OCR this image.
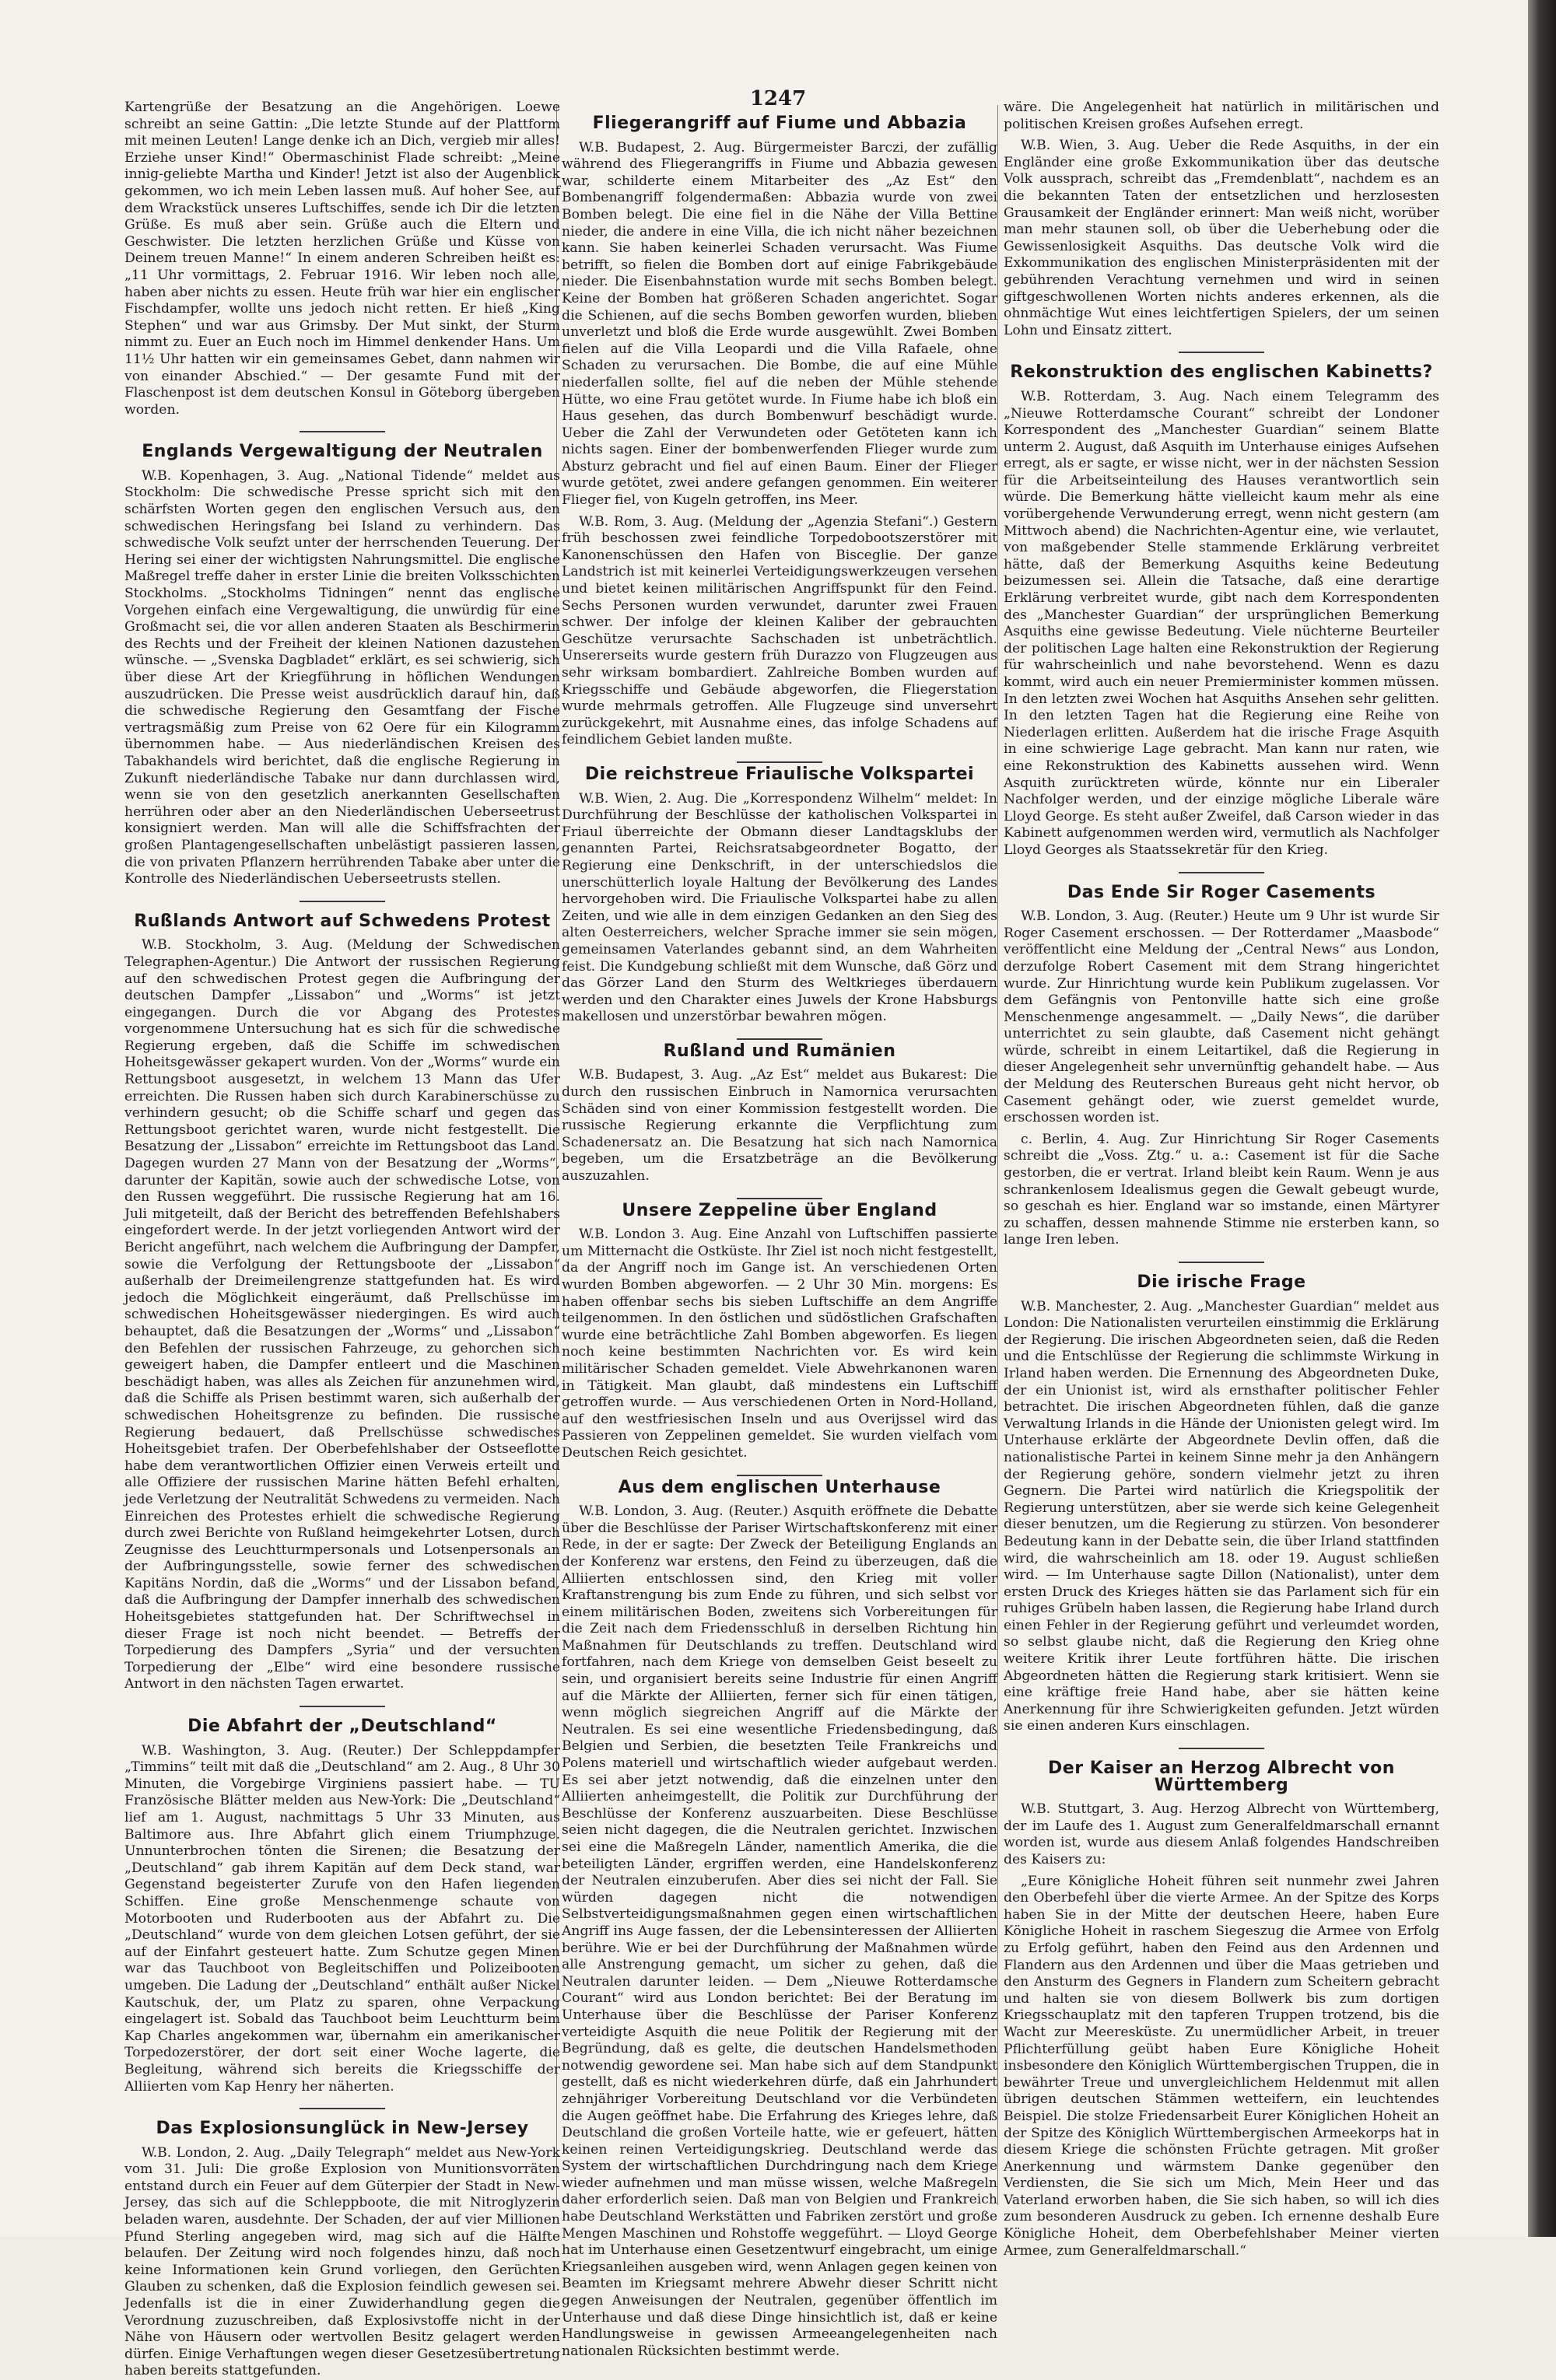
1247

Kartengrüße der Besatzung an die Angehörigen. Loewe schreibt an seine Gattin: „Die letzte Stunde auf der Plattform mit meinen Leuten! Lange denke ich an Dich, vergieb mir alles! Erziehe unser Kind!“ Obermaschinist Flade schreibt: „Meine innig-geliebte Martha und Kinder! Jetzt ist also der Augenblick gekommen, wo ich mein Leben lassen muß. Auf hoher See, auf dem Wrackstück unseres Luftschiffes, sende ich Dir die letzten Grüße. Es muß aber sein. Grüße auch die Eltern und Geschwister. Die letzten herzlichen Grüße und Küsse von Deinem treuen Manne!“ In einem anderen Schreiben heißt es: „11 Uhr vormittags, 2. Februar 1916. Wir leben noch alle, haben aber nichts zu essen. Heute früh war hier ein englischer Fischdampfer, wollte uns jedoch nicht retten. Er hieß „King Stephen“ und war aus Grimsby. Der Mut sinkt, der Sturm nimmt zu. Euer an Euch noch im Himmel denkender Hans. Um 11½ Uhr hatten wir ein gemeinsames Gebet, dann nahmen wir von einander Abschied.“ — Der gesamte Fund mit der Flaschenpost ist dem deutschen Konsul in Göteborg übergeben worden.

Englands Vergewaltigung der Neutralen

W.B. Kopenhagen, 3. Aug. „National Tidende“ meldet aus Stockholm: Die schwedische Presse spricht sich mit den schärfsten Worten gegen den englischen Versuch aus, den schwedischen Heringsfang bei Island zu verhindern. Das schwedische Volk seufzt unter der herrschenden Teuerung. Der Hering sei einer der wichtigsten Nahrungsmittel. Die englische Maßregel treffe daher in erster Linie die breiten Volksschichten Stockholms. „Stockholms Tidningen“ nennt das englische Vorgehen einfach eine Vergewaltigung, die unwürdig für eine Großmacht sei, die vor allen anderen Staaten als Beschirmerin des Rechts und der Freiheit der kleinen Nationen dazustehen wünsche. — „Svenska Dagbladet“ erklärt, es sei schwierig, sich über diese Art der Kriegführung in höflichen Wendungen auszudrücken. Die Presse weist ausdrücklich darauf hin, daß die schwedische Regierung den Gesamtfang der Fische vertragsmäßig zum Preise von 62 Oere für ein Kilogramm übernommen habe. — Aus niederländischen Kreisen des Tabakhandels wird berichtet, daß die englische Regierung in Zukunft niederländische Tabake nur dann durchlassen wird, wenn sie von den gesetzlich anerkannten Gesellschaften herrühren oder aber an den Niederländischen Ueberseetrust konsigniert werden. Man will alle die Schiffsfrachten der großen Plantagengesellschaften unbelästigt passieren lassen, die von privaten Pflanzern herrührenden Tabake aber unter die Kontrolle des Niederländischen Ueberseetrusts stellen.

Rußlands Antwort auf Schwedens Protest

W.B. Stockholm, 3. Aug. (Meldung der Schwedischen Telegraphen-Agentur.) Die Antwort der russischen Regierung auf den schwedischen Protest gegen die Aufbringung der deutschen Dampfer „Lissabon“ und „Worms“ ist jetzt eingegangen. Durch die vor Abgang des Protestes vorgenommene Untersuchung hat es sich für die schwedische Regierung ergeben, daß die Schiffe im schwedischen Hoheitsgewässer gekapert wurden. Von der „Worms“ wurde ein Rettungsboot ausgesetzt, in welchem 13 Mann das Ufer erreichten. Die Russen haben sich durch Karabinerschüsse zu verhindern gesucht; ob die Schiffe scharf und gegen das Rettungsboot gerichtet waren, wurde nicht festgestellt. Die Besatzung der „Lissabon“ erreichte im Rettungsboot das Land. Dagegen wurden 27 Mann von der Besatzung der „Worms“, darunter der Kapitän, sowie auch der schwedische Lotse, von den Russen weggeführt. Die russische Regierung hat am 16. Juli mitgeteilt, daß der Bericht des betreffenden Befehlshabers eingefordert werde. In der jetzt vorliegenden Antwort wird der Bericht angeführt, nach welchem die Aufbringung der Dampfer, sowie die Verfolgung der Rettungsboote der „Lissabon“ außerhalb der Dreimeilengrenze stattgefunden hat. Es wird jedoch die Möglichkeit eingeräumt, daß Prellschüsse im schwedischen Hoheitsgewässer niedergingen. Es wird auch behauptet, daß die Besatzungen der „Worms“ und „Lissabon“ den Befehlen der russischen Fahrzeuge, zu gehorchen sich geweigert haben, die Dampfer entleert und die Maschinen beschädigt haben, was alles als Zeichen für anzunehmen wird, daß die Schiffe als Prisen bestimmt waren, sich außerhalb der schwedischen Hoheitsgrenze zu befinden. Die russische Regierung bedauert, daß Prellschüsse schwedisches Hoheitsgebiet trafen. Der Oberbefehlshaber der Ostseeflotte habe dem verantwortlichen Offizier einen Verweis erteilt und alle Offiziere der russischen Marine hätten Befehl erhalten, jede Verletzung der Neutralität Schwedens zu vermeiden. Nach Einreichen des Protestes erhielt die schwedische Regierung durch zwei Berichte von Rußland heimgekehrter Lotsen, durch Zeugnisse des Leuchtturmpersonals und Lotsenpersonals an der Aufbringungsstelle, sowie ferner des schwedischen Kapitäns Nordin, daß die „Worms“ und der Lissabon befand, daß die Aufbringung der Dampfer innerhalb des schwedischen Hoheitsgebietes stattgefunden hat. Der Schriftwechsel in dieser Frage ist noch nicht beendet. — Betreffs der Torpedierung des Dampfers „Syria“ und der versuchten Torpedierung der „Elbe“ wird eine besondere russische Antwort in den nächsten Tagen erwartet.

Die Abfahrt der „Deutschland“

W.B. Washington, 3. Aug. (Reuter.) Der Schleppdampfer „Timmins“ teilt mit daß die „Deutschland“ am 2. Aug., 8 Uhr 30 Minuten, die Vorgebirge Virginiens passiert habe. — TU Französische Blätter melden aus New-York: Die „Deutschland“ lief am 1. August, nachmittags 5 Uhr 33 Minuten, aus Baltimore aus. Ihre Abfahrt glich einem Triumphzuge. Unnunterbrochen tönten die Sirenen; die Besatzung der „Deutschland“ gab ihrem Kapitän auf dem Deck stand, war Gegenstand begeisterter Zurufe von den Hafen liegenden Schiffen. Eine große Menschenmenge schaute von Motorbooten und Ruderbooten aus der Abfahrt zu. Die „Deutschland“ wurde von dem gleichen Lotsen geführt, der sie auf der Einfahrt gesteuert hatte. Zum Schutze gegen Minen war das Tauchboot von Begleitschiffen und Polizeibooten umgeben. Die Ladung der „Deutschland“ enthält außer Nickel Kautschuk, der, um Platz zu sparen, ohne Verpackung eingelagert ist. Sobald das Tauchboot beim Leuchtturm beim Kap Charles angekommen war, übernahm ein amerikanischer Torpedozerstörer, der dort seit einer Woche lagerte, die Begleitung, während sich bereits die Kriegsschiffe der Alliierten vom Kap Henry her näherten.

Das Explosionsunglück in New-Jersey

W.B. London, 2. Aug. „Daily Telegraph“ meldet aus New-York vom 31. Juli: Die große Explosion von Munitionsvorräten entstand durch ein Feuer auf dem Güterpier der Stadt in New-Jersey, das sich auf die Schleppboote, die mit Nitroglyzerin beladen waren, ausdehnte. Der Schaden, der auf vier Millionen Pfund Sterling angegeben wird, mag sich auf die Hälfte belaufen. Der Zeitung wird noch folgendes hinzu, daß noch keine Informationen kein Grund vorliegen, den Gerüchten Glauben zu schenken, daß die Explosion feindlich gewesen sei. Jedenfalls ist die in einer Zuwiderhandlung gegen die Verordnung zuzuschreiben, daß Explosivstoffe nicht in der Nähe von Häusern oder wertvollen Besitz gelagert werden dürfen. Einige Verhaftungen wegen dieser Gesetzesübertretung haben bereits stattgefunden.

Fliegerangriff auf Fiume und Abbazia

W.B. Budapest, 2. Aug. Bürgermeister Barczi, der zufällig während des Fliegerangriffs in Fiume und Abbazia gewesen war, schilderte einem Mitarbeiter des „Az Est“ den Bombenangriff folgendermaßen: Abbazia wurde von zwei Bomben belegt. Die eine fiel in die Nähe der Villa Bettine nieder, die andere in eine Villa, die ich nicht näher bezeichnen kann. Sie haben keinerlei Schaden verursacht. Was Fiume betrifft, so fielen die Bomben dort auf einige Fabrikgebäude nieder. Die Eisenbahnstation wurde mit sechs Bomben belegt. Keine der Bomben hat größeren Schaden angerichtet. Sogar die Schienen, auf die sechs Bomben geworfen wurden, blieben unverletzt und bloß die Erde wurde ausgewühlt. Zwei Bomben fielen auf die Villa Leopardi und die Villa Rafaele, ohne Schaden zu verursachen. Die Bombe, die auf eine Mühle niederfallen sollte, fiel auf die neben der Mühle stehende Hütte, wo eine Frau getötet wurde. In Fiume habe ich bloß ein Haus gesehen, das durch Bombenwurf beschädigt wurde. Ueber die Zahl der Verwundeten oder Getöteten kann ich nichts sagen. Einer der bombenwerfenden Flieger wurde zum Absturz gebracht und fiel auf einen Baum. Einer der Flieger wurde getötet, zwei andere gefangen genommen. Ein weiterer Flieger fiel, von Kugeln getroffen, ins Meer.

W.B. Rom, 3. Aug. (Meldung der „Agenzia Stefani“.) Gestern früh beschossen zwei feindliche Torpedobootszerstörer mit Kanonenschüssen den Hafen von Bisceglie. Der ganze Landstrich ist mit keinerlei Verteidigungswerkzeugen versehen und bietet keinen militärischen Angriffspunkt für den Feind. Sechs Personen wurden verwundet, darunter zwei Frauen schwer. Der infolge der kleinen Kaliber der gebrauchten Geschütze verursachte Sachschaden ist unbeträchtlich. Unsererseits wurde gestern früh Durazzo von Flugzeugen aus sehr wirksam bombardiert. Zahlreiche Bomben wurden auf Kriegsschiffe und Gebäude abgeworfen, die Fliegerstation wurde mehrmals getroffen. Alle Flugzeuge sind unversehrt zurückgekehrt, mit Ausnahme eines, das infolge Schadens auf feindlichem Gebiet landen mußte.

Die reichstreue Friaulische Volkspartei

W.B. Wien, 2. Aug. Die „Korrespondenz Wilhelm“ meldet: In Durchführung der Beschlüsse der katholischen Volkspartei in Friaul überreichte der Obmann dieser Landtagsklubs der genannten Partei, Reichsratsabgeordneter Bogatto, der Regierung eine Denkschrift, in der unterschiedslos die unerschütterlich loyale Haltung der Bevölkerung des Landes hervorgehoben wird. Die Friaulische Volkspartei habe zu allen Zeiten, und wie alle in dem einzigen Gedanken an den Sieg des alten Oesterreichers, welcher Sprache immer sie sein mögen, gemeinsamen Vaterlandes gebannt sind, an dem Wahrheiten feist. Die Kundgebung schließt mit dem Wunsche, daß Görz und das Görzer Land den Sturm des Weltkrieges überdauern werden und den Charakter eines Juwels der Krone Habsburgs makellosen und unzerstörbar bewahren mögen.

Rußland und Rumänien

W.B. Budapest, 3. Aug. „Az Est“ meldet aus Bukarest: Die durch den russischen Einbruch in Namornica verursachten Schäden sind von einer Kommission festgestellt worden. Die russische Regierung erkannte die Verpflichtung zum Schadenersatz an. Die Besatzung hat sich nach Namornica begeben, um die Ersatzbeträge an die Bevölkerung auszuzahlen.

Unsere Zeppeline über England

W.B. London 3. Aug. Eine Anzahl von Luftschiffen passierte um Mitternacht die Ostküste. Ihr Ziel ist noch nicht festgestellt, da der Angriff noch im Gange ist. An verschiedenen Orten wurden Bomben abgeworfen. — 2 Uhr 30 Min. morgens: Es haben offenbar sechs bis sieben Luftschiffe an dem Angriffe teilgenommen. In den östlichen und südöstlichen Grafschaften wurde eine beträchtliche Zahl Bomben abgeworfen. Es liegen noch keine bestimmten Nachrichten vor. Es wird kein militärischer Schaden gemeldet. Viele Abwehrkanonen waren in Tätigkeit. Man glaubt, daß mindestens ein Luftschiff getroffen wurde. — Aus verschiedenen Orten in Nord-Holland, auf den westfriesischen Inseln und aus Overijssel wird das Passieren von Zeppelinen gemeldet. Sie wurden vielfach vom Deutschen Reich gesichtet.

Aus dem englischen Unterhause

W.B. London, 3. Aug. (Reuter.) Asquith eröffnete die Debatte über die Beschlüsse der Pariser Wirtschaftskonferenz mit einer Rede, in der er sagte: Der Zweck der Beteiligung Englands an der Konferenz war erstens, den Feind zu überzeugen, daß die Alliierten entschlossen sind, den Krieg mit voller Kraftanstrengung bis zum Ende zu führen, und sich selbst vor einem militärischen Boden, zweitens sich Vorbereitungen für die Zeit nach dem Friedensschluß in derselben Richtung hin Maßnahmen für Deutschlands zu treffen. Deutschland wird fortfahren, nach dem Kriege von demselben Geist beseelt zu sein, und organisiert bereits seine Industrie für einen Angriff auf die Märkte der Alliierten, ferner sich für einen tätigen, wenn möglich siegreichen Angriff auf die Märkte der Neutralen. Es sei eine wesentliche Friedensbedingung, daß Belgien und Serbien, die besetzten Teile Frankreichs und Polens materiell und wirtschaftlich wieder aufgebaut werden. Es sei aber jetzt notwendig, daß die einzelnen unter den Alliierten anheimgestellt, die Politik zur Durchführung der Beschlüsse der Konferenz auszuarbeiten. Diese Beschlüsse seien nicht dagegen, die die Neutralen gerichtet. Inzwischen sei eine die Maßregeln Länder, namentlich Amerika, die die beteiligten Länder, ergriffen werden, eine Handelskonferenz der Neutralen einzuberufen. Aber dies sei nicht der Fall. Sie würden dagegen nicht die notwendigen Selbstverteidigungsmaßnahmen gegen einen wirtschaftlichen Angriff ins Auge fassen, der die Lebensinteressen der Alliierten berühre. Wie er bei der Durchführung der Maßnahmen würde alle Anstrengung gemacht, um sicher zu gehen, daß die Neutralen darunter leiden. — Dem „Nieuwe Rotterdamsche Courant“ wird aus London berichtet: Bei der Beratung im Unterhause über die Beschlüsse der Pariser Konferenz verteidigte Asquith die neue Politik der Regierung mit der Begründung, daß es gelte, die deutschen Handelsmethoden notwendig gewordene sei. Man habe sich auf dem Standpunkt gestellt, daß es nicht wiederkehren dürfe, daß ein Jahrhundert zehnjähriger Vorbereitung Deutschland vor die Verbündeten die Augen geöffnet habe. Die Erfahrung des Krieges lehre, daß Deutschland die großen Vorteile hatte, wie er gefeuert, hätten keinen reinen Verteidigungskrieg. Deutschland werde das System der wirtschaftlichen Durchdringung nach dem Kriege wieder aufnehmen und man müsse wissen, welche Maßregeln daher erforderlich seien. Daß man von Belgien und Frankreich habe Deutschland Werkstätten und Fabriken zerstört und große Mengen Maschinen und Rohstoffe weggeführt. — Lloyd George hat im Unterhause einen Gesetzentwurf eingebracht, um einige Kriegsanleihen ausgeben wird, wenn Anlagen gegen keinen von Beamten im Kriegsamt mehrere Abwehr dieser Schritt nicht gegen Anweisungen der Neutralen, gegenüber öffentlich im Unterhause und daß diese Dinge hinsichtlich ist, daß er keine Handlungsweise in gewissen Armeeangelegenheiten nach nationalen Rücksichten bestimmt werde.

wäre. Die Angelegenheit hat natürlich in militärischen und politischen Kreisen großes Aufsehen erregt.

W.B. Wien, 3. Aug. Ueber die Rede Asquiths, in der ein Engländer eine große Exkommunikation über das deutsche Volk aussprach, schreibt das „Fremdenblatt“, nachdem es an die bekannten Taten der entsetzlichen und herzlosesten Grausamkeit der Engländer erinnert: Man weiß nicht, worüber man mehr staunen soll, ob über die Ueberhebung oder die Gewissenlosigkeit Asquiths. Das deutsche Volk wird die Exkommunikation des englischen Ministerpräsidenten mit der gebührenden Verachtung vernehmen und wird in seinen giftgeschwollenen Worten nichts anderes erkennen, als die ohnmächtige Wut eines leichtfertigen Spielers, der um seinen Lohn und Einsatz zittert.

Rekonstruktion des englischen Kabinetts?

W.B. Rotterdam, 3. Aug. Nach einem Telegramm des „Nieuwe Rotterdamsche Courant“ schreibt der Londoner Korrespondent des „Manchester Guardian“ seinem Blatte unterm 2. August, daß Asquith im Unterhause einiges Aufsehen erregt, als er sagte, er wisse nicht, wer in der nächsten Session für die Arbeitseinteilung des Hauses verantwortlich sein würde. Die Bemerkung hätte vielleicht kaum mehr als eine vorübergehende Verwunderung erregt, wenn nicht gestern (am Mittwoch abend) die Nachrichten-Agentur eine, wie verlautet, von maßgebender Stelle stammende Erklärung verbreitet hätte, daß der Bemerkung Asquiths keine Bedeutung beizumessen sei. Allein die Tatsache, daß eine derartige Erklärung verbreitet wurde, gibt nach dem Korrespondenten des „Manchester Guardian“ der ursprünglichen Bemerkung Asquiths eine gewisse Bedeutung. Viele nüchterne Beurteiler der politischen Lage halten eine Rekonstruktion der Regierung für wahrscheinlich und nahe bevorstehend. Wenn es dazu kommt, wird auch ein neuer Premierminister kommen müssen. In den letzten zwei Wochen hat Asquiths Ansehen sehr gelitten. In den letzten Tagen hat die Regierung eine Reihe von Niederlagen erlitten. Außerdem hat die irische Frage Asquith in eine schwierige Lage gebracht. Man kann nur raten, wie eine Rekonstruktion des Kabinetts aussehen wird. Wenn Asquith zurücktreten würde, könnte nur ein Liberaler Nachfolger werden, und der einzige mögliche Liberale wäre Lloyd George. Es steht außer Zweifel, daß Carson wieder in das Kabinett aufgenommen werden wird, vermutlich als Nachfolger Lloyd Georges als Staatssekretär für den Krieg.

Das Ende Sir Roger Casements

W.B. London, 3. Aug. (Reuter.) Heute um 9 Uhr ist wurde Sir Roger Casement erschossen. — Der Rotterdamer „Maasbode“ veröffentlicht eine Meldung der „Central News“ aus London, derzufolge Robert Casement mit dem Strang hingerichtet wurde. Zur Hinrichtung wurde kein Publikum zugelassen. Vor dem Gefängnis von Pentonville hatte sich eine große Menschenmenge angesammelt. — „Daily News“, die darüber unterrichtet zu sein glaubte, daß Casement nicht gehängt würde, schreibt in einem Leitartikel, daß die Regierung in dieser Angelegenheit sehr unvernünftig gehandelt habe. — Aus der Meldung des Reuterschen Bureaus geht nicht hervor, ob Casement gehängt oder, wie zuerst gemeldet wurde, erschossen worden ist.

c. Berlin, 4. Aug. Zur Hinrichtung Sir Roger Casements schreibt die „Voss. Ztg.“ u. a.: Casement ist für die Sache gestorben, die er vertrat. Irland bleibt kein Raum. Wenn je aus schrankenlosem Idealismus gegen die Gewalt gebeugt wurde, so geschah es hier. England war so imstande, einen Märtyrer zu schaffen, dessen mahnende Stimme nie ersterben kann, so lange Iren leben.

Die irische Frage

W.B. Manchester, 2. Aug. „Manchester Guardian“ meldet aus London: Die Nationalisten verurteilen einstimmig die Erklärung der Regierung. Die irischen Abgeordneten seien, daß die Reden und die Entschlüsse der Regierung die schlimmste Wirkung in Irland haben werden. Die Ernennung des Abgeordneten Duke, der ein Unionist ist, wird als ernsthafter politischer Fehler betrachtet. Die irischen Abgeordneten fühlen, daß die ganze Verwaltung Irlands in die Hände der Unionisten gelegt wird. Im Unterhause erklärte der Abgeordnete Devlin offen, daß die nationalistische Partei in keinem Sinne mehr ja den Anhängern der Regierung gehöre, sondern vielmehr jetzt zu ihren Gegnern. Die Partei wird natürlich die Kriegspolitik der Regierung unterstützen, aber sie werde sich keine Gelegenheit dieser benutzen, um die Regierung zu stürzen. Von besonderer Bedeutung kann in der Debatte sein, die über Irland stattfinden wird, die wahrscheinlich am 18. oder 19. August schließen wird. — Im Unterhause sagte Dillon (Nationalist), unter dem ersten Druck des Krieges hätten sie das Parlament sich für ein ruhiges Grübeln haben lassen, die Regierung habe Irland durch einen Fehler in der Regierung geführt und verleumdet worden, so selbst glaube nicht, daß die Regierung den Krieg ohne weitere Kritik ihrer Leute fortführen hätte. Die irischen Abgeordneten hätten die Regierung stark kritisiert. Wenn sie eine kräftige freie Hand habe, aber sie hätten keine Anerkennung für ihre Schwierigkeiten gefunden. Jetzt würden sie einen anderen Kurs einschlagen.

Der Kaiser an Herzog Albrecht von Württemberg

W.B. Stuttgart, 3. Aug. Herzog Albrecht von Württemberg, der im Laufe des 1. August zum Generalfeldmarschall ernannt worden ist, wurde aus diesem Anlaß folgendes Handschreiben des Kaisers zu:

„Eure Königliche Hoheit führen seit nunmehr zwei Jahren den Oberbefehl über die vierte Armee. An der Spitze des Korps haben Sie in der Mitte der deutschen Heere, haben Eure Königliche Hoheit in raschem Siegeszug die Armee von Erfolg zu Erfolg geführt, haben den Feind aus den Ardennen und Flandern aus den Ardennen und über die Maas getrieben und den Ansturm des Gegners in Flandern zum Scheitern gebracht und halten sie von diesem Bollwerk bis zum dortigen Kriegsschauplatz mit den tapferen Truppen trotzend, bis die Wacht zur Meeresküste. Zu unermüdlicher Arbeit, in treuer Pflichterfüllung geübt haben Eure Königliche Hoheit insbesondere den Königlich Württembergischen Truppen, die in bewährter Treue und unvergleichlichem Heldenmut mit allen übrigen deutschen Stämmen wetteifern, ein leuchtendes Beispiel. Die stolze Friedensarbeit Eurer Königlichen Hoheit an der Spitze des Königlich Württembergischen Armeekorps hat in diesem Kriege die schönsten Früchte getragen. Mit großer Anerkennung und wärmstem Danke gegenüber den Verdiensten, die Sie sich um Mich, Mein Heer und das Vaterland erworben haben, die Sie sich haben, so will ich dies zum besonderen Ausdruck zu geben. Ich ernenne deshalb Eure Königliche Hoheit, dem Oberbefehlshaber Meiner vierten Armee, zum Generalfeldmarschall.“
